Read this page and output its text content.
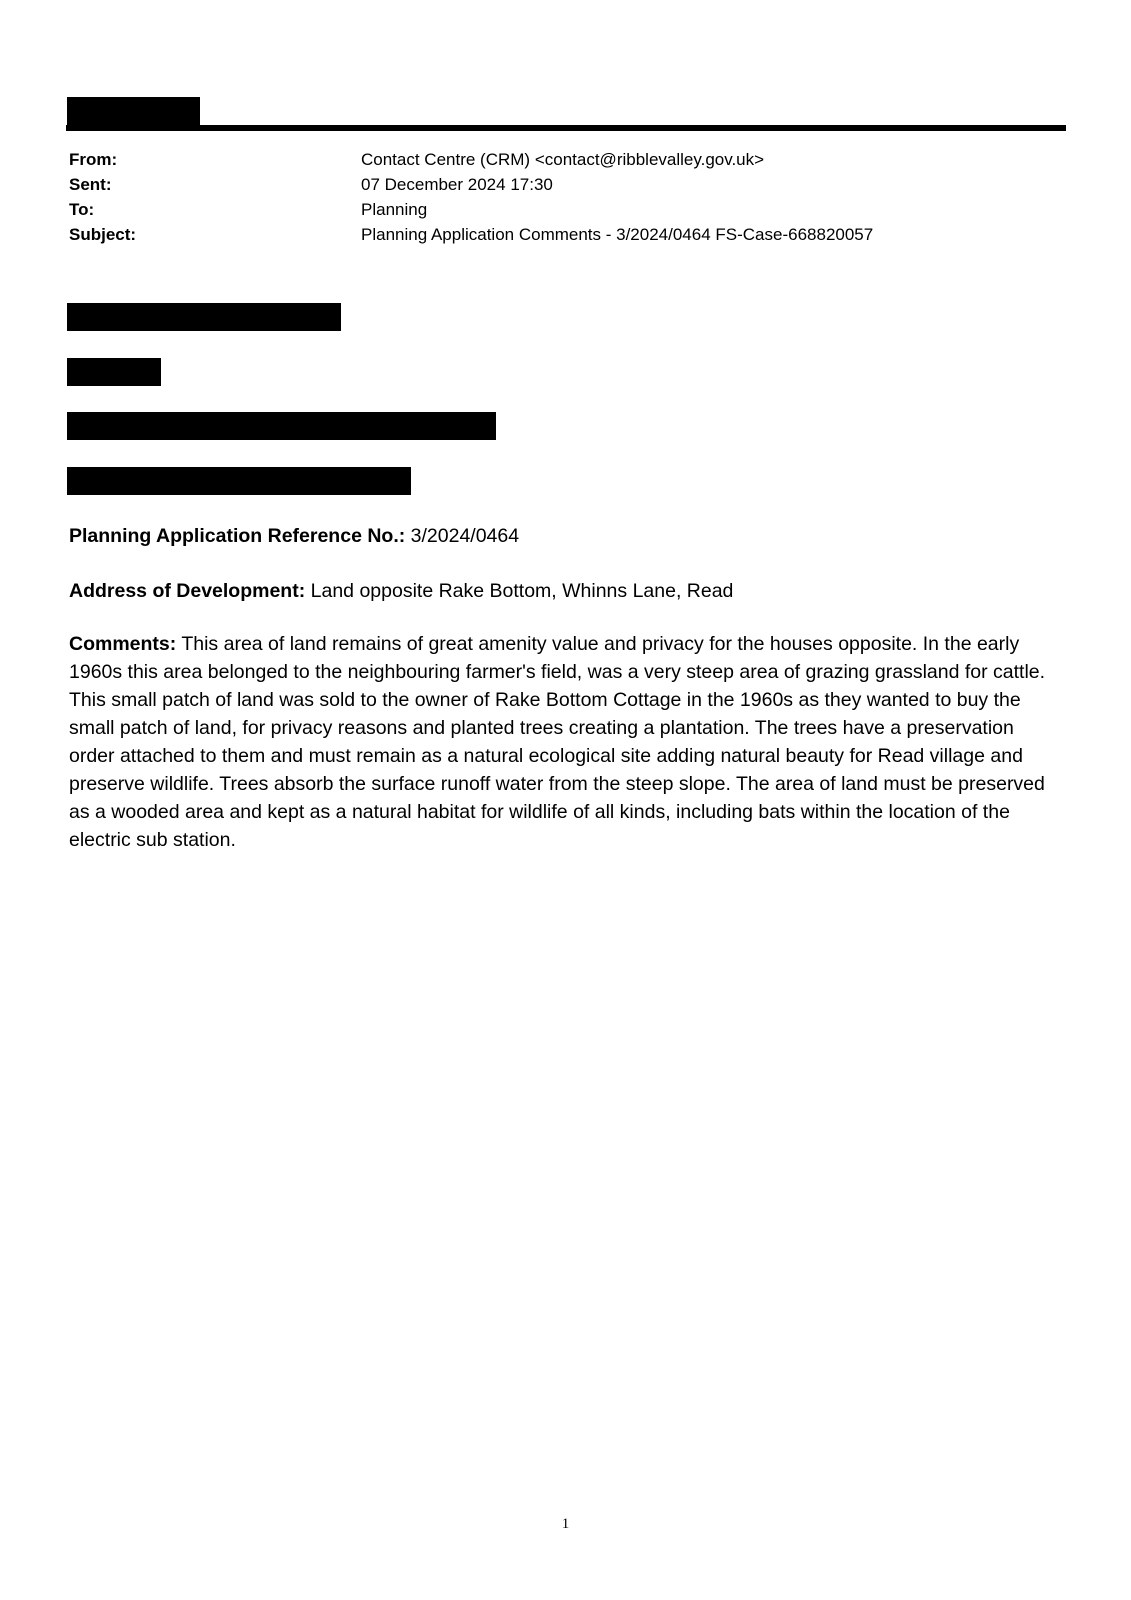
From:	Contact Centre (CRM) <contact@ribblevalley.gov.uk>
Sent:	07 December 2024 17:30
To:	Planning
Subject:	Planning Application Comments - 3/2024/0464 FS-Case-668820057
Planning Application Reference No.: 3/2024/0464
Address of Development: Land opposite Rake Bottom, Whinns Lane, Read
Comments: This area of land remains of great amenity value and privacy for the houses opposite. In the early 1960s this area belonged to the neighbouring farmer's field, was a very steep area of grazing grassland for cattle. This small patch of land was sold to the owner of Rake Bottom Cottage in the 1960s as they wanted to buy the small patch of land, for privacy reasons and planted trees creating a plantation. The trees have a preservation order attached to them and must remain as a natural ecological site adding natural beauty for Read village and preserve wildlife. Trees absorb the surface runoff water from the steep slope. The area of land must be preserved as a wooded area and kept as a natural habitat for wildlife of all kinds, including bats within the location of the electric sub station.
1
